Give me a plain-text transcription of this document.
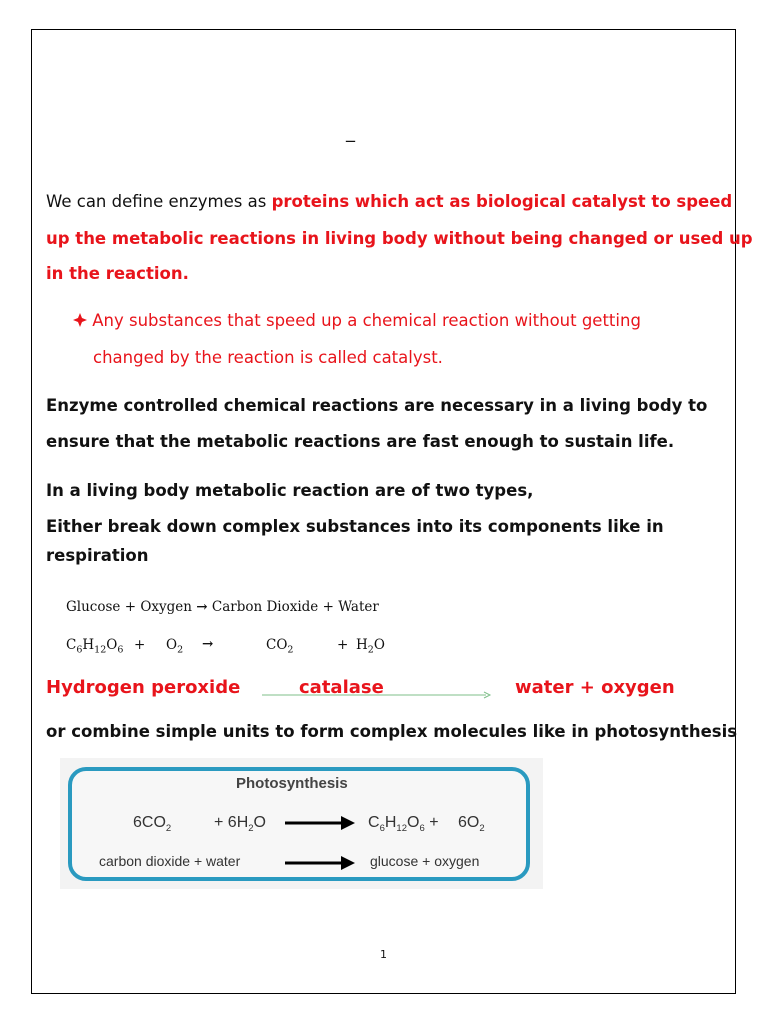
_
We can define enzymes as proteins which act as biological catalyst to speed
up the metabolic reactions in living body without being changed or used up
in the reaction.
Any substances that speed up a chemical reaction without getting
changed by the reaction is called catalyst.
Enzyme controlled chemical reactions are necessary in a living body to
ensure that the metabolic reactions are fast enough to sustain life.
In a living body metabolic reaction are of two types,
Either break down complex substances into its components like in
respiration
Glucose + Oxygen → Carbon Dioxide + Water
$C_6H_{12}O_6 + O_2$ →	$CO_2$	+ $H_2O$
Hydrogen peroxide	catalase	water + oxygen
or combine simple units to form complex molecules like in photosynthesis
Photosynthesis
$6CO_2$	+ $6H_2O$	$C_6H_{12}O_6 + 6O_2$
carbon dioxide + water	glucose + oxygen
1
